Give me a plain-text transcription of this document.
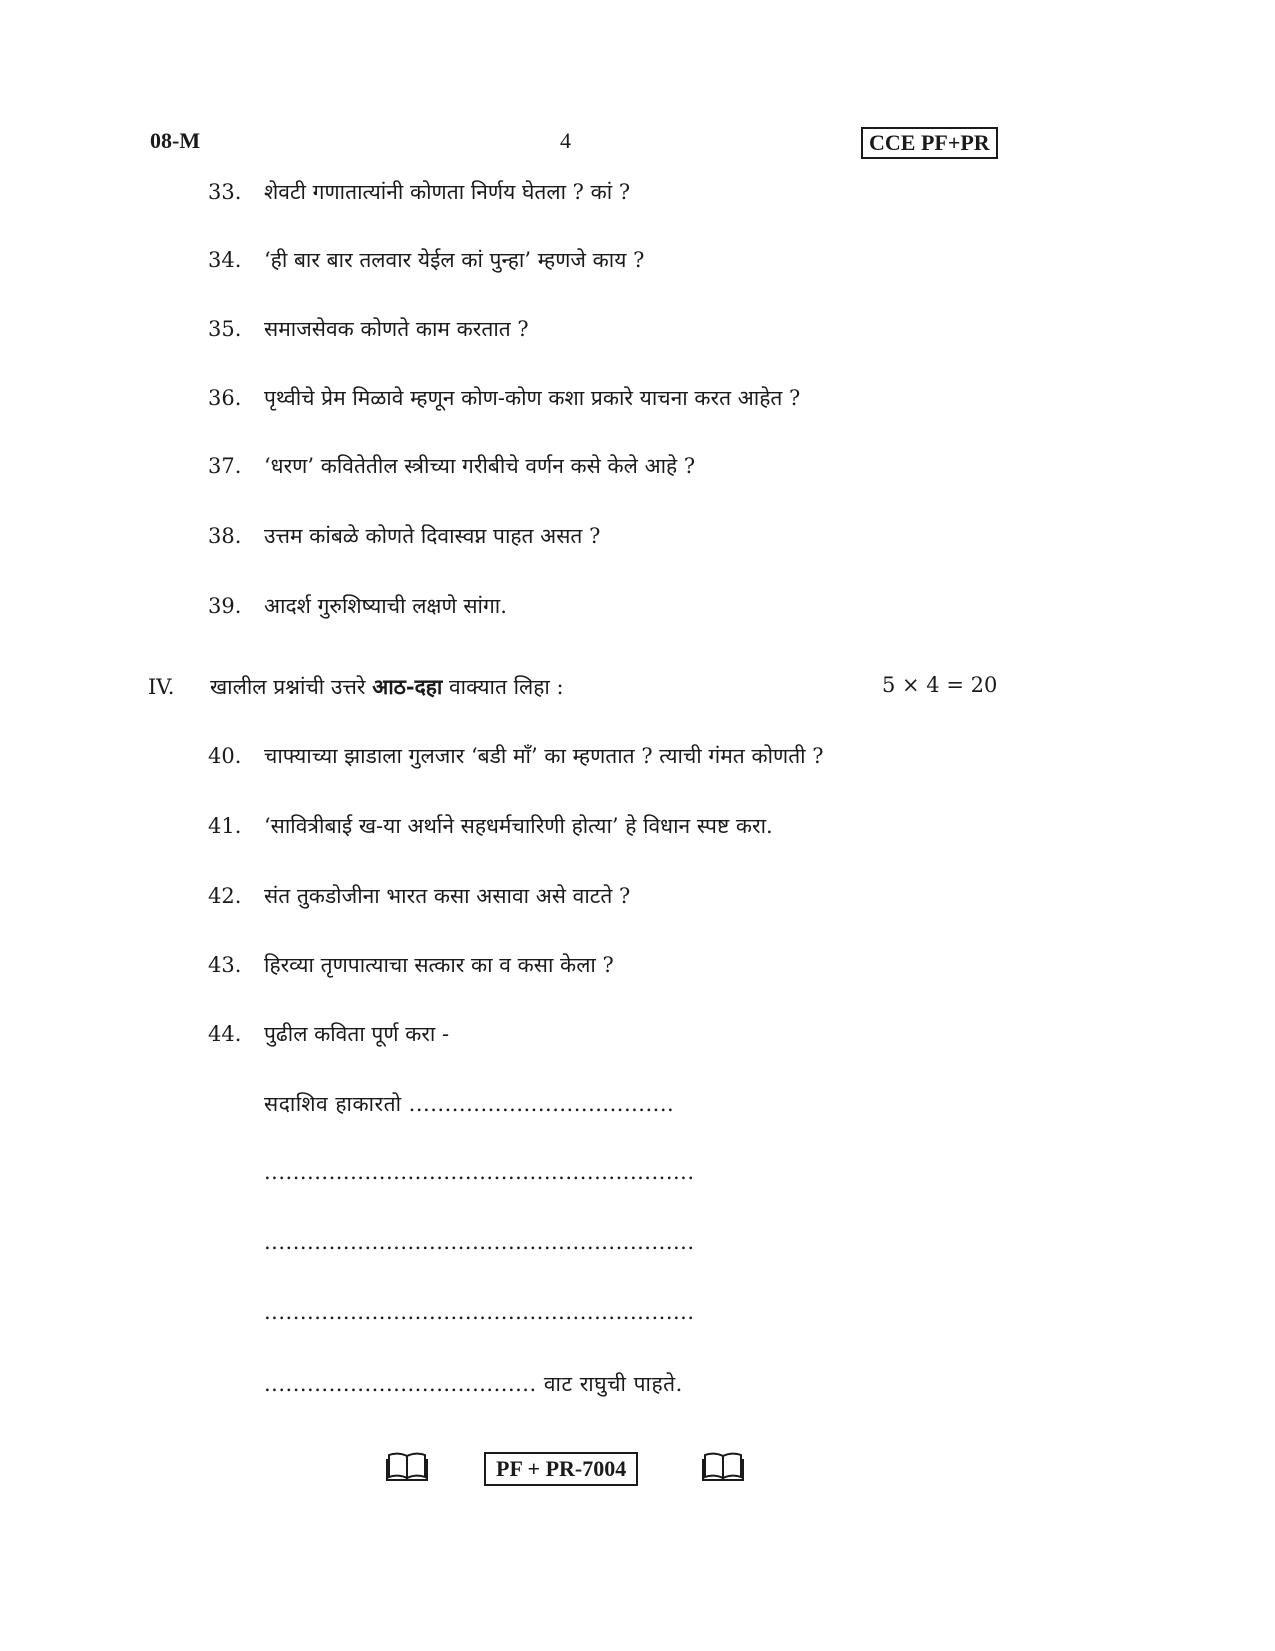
08-M	4	CCE PF+PR
33. शेवटी गणातात्यांनी कोणता निर्णय घेतला ? कां ?
34. ‘ही बार बार तलवार येईल कां पुन्हा’ म्हणजे काय ?
35. समाजसेवक कोणते काम करतात ?
36. पृथ्वीचे प्रेम मिळावे म्हणून कोण-कोण कशा प्रकारे याचना करत आहेत ?
37. ‘धरण’ कवितेतील स्त्रीच्या गरीबीचे वर्णन कसे केले आहे ?
38. उत्तम कांबळे कोणते दिवास्वप्न पाहत असत ?
39. आदर्श गुरुशिष्याची लक्षणे सांगा.
IV. खालील प्रश्नांची उत्तरे आठ-दहा वाक्यात लिहा :	5 × 4 = 20
40. चाफ्याच्या झाडाला गुलजार ‘बडी माँ’ का म्हणतात ? त्याची गंमत कोणती ?
41. ‘सावित्रीबाई ख-या अर्थाने सहधर्मचारिणी होत्या’ हे विधान स्पष्ट करा.
42. संत तुकडोजीना भारत कसा असावा असे वाटते ?
43. हिरव्या तृणपात्याचा सत्कार का व कसा केला ?
44. पुढील कविता पूर्ण करा -
सदाशिव हाकारतो .....................................
............................................................
............................................................
............................................................
...................................... वाट राघुची पाहते.
PF + PR-7004
